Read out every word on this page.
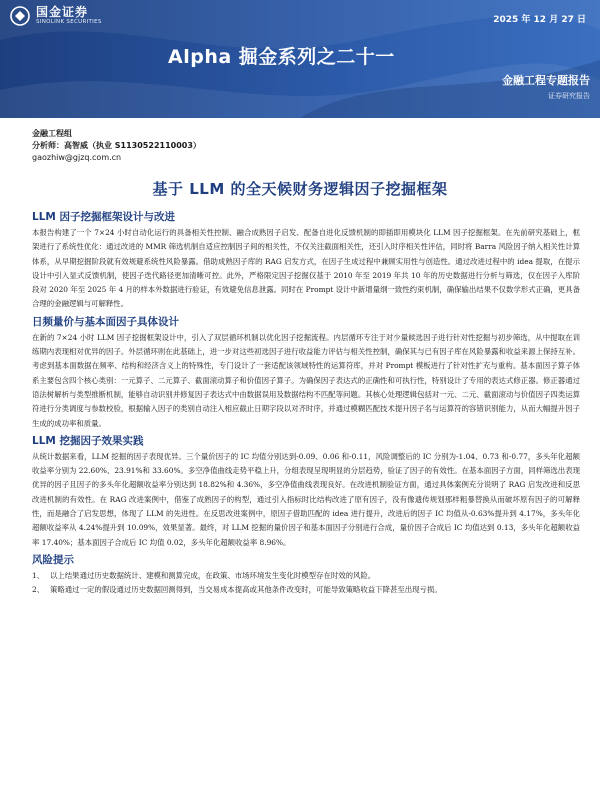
国金证券
SINOLINK SECURITIES	2025 年 12 月 27 日
Alpha 掘金系列之二十一
金融工程专题报告
证券研究报告
金融工程组
分析师：高智威（执业 S1130522110003）
gaozhiw@gjzq.com.cn
基于 LLM 的全天候财务逻辑因子挖掘框架
LLM 因子挖掘框架设计与改进

本报告构建了一个 7×24 小时自动化运行的具备相关性控制、融合成熟因子启发、配备自进化反馈机制的即插即用模块化 LLM 因子挖掘框架。在先前研究基础上，框架进行了系统性优化：通过改进的 MMR 筛选机制自适应控制因子间的相关性，不仅关注截面相关性，还引入时序相关性评估，同时将 Barra 风险因子纳入相关性计算体系，从早期挖掘阶段就有效规避系统性风险暴露。借助成熟因子库的 RAG 启发方式，在因子生成过程中兼顾实用性与创造性。通过改进过程中的 idea 提取，在提示设计中引入显式反馈机制，使因子迭代路径更加清晰可控。此外，严格限定因子挖掘仅基于 2010 年至 2019 年共 10 年的历史数据进行分析与筛选，仅在因子入库阶段对 2020 年至 2025 年 4 月的样本外数据进行验证，有效避免信息泄露。同时在 Prompt 设计中新增量纲一致性约束机制，确保输出结果不仅数学形式正确，更具备合理的金融逻辑与可解释性。

日频量价与基本面因子具体设计

在新的 7×24 小时 LLM 因子挖掘框架设计中，引入了双层循环机制以优化因子挖掘流程。内层循环专注于对少量候选因子进行针对性挖掘与初步筛选，从中提取在训练期内表现相对优异的因子。外层循环则在此基础上，进一步对这些初选因子进行收益能力评估与相关性控制，确保其与已有因子库在风险暴露和收益来源上保持互补。考虑到基本面数据在频率、结构和经济含义上的特殊性，专门设计了一套适配该领域特性的运算符库，并对 Prompt 模板进行了针对性扩充与重构。基本面因子算子体系主要包含四个核心类别：一元算子、二元算子、截面滚动算子和价值因子算子。为确保因子表达式的正确性和可执行性，特别设计了专用的表达式修正器。修正器通过语法树解析与类型推断机制，能够自动识别并修复因子表达式中由数据误用及数据结构不匹配等问题。其核心处理逻辑包括对一元、二元、截面滚动与价值因子四类运算符进行分类调度与参数校验，根据输入因子的类别自动注入相应截止日期字段以对齐时序，并通过模糊匹配技术提升因子名与运算符的容错识别能力，从而大幅提升因子生成的成功率和质量。

LLM 挖掘因子效果实践

从统计数据来看，LLM 挖掘的因子表现优异。三个量价因子的 IC 均值分别达到-0.09、0.06 和-0.11，风险调整后的 IC 分别为-1.04、0.73 和-0.77，多头年化超额收益率分别为 22.60%、23.91%和 33.60%。多空净值曲线走势平稳上升，分组表现呈现明显的分层趋势，验证了因子的有效性。在基本面因子方面，同样筛选出表现优异的因子且因子的多头年化超额收益率分别达到 18.82%和 4.36%，多空净值曲线表现良好。在改进机制验证方面，通过具体案例充分说明了 RAG 启发改进和反思改进机制的有效性。在 RAG 改进案例中，借鉴了成熟因子的构型，通过引入指标时比结构改进了原有因子，没有像遗传规划那样粗暴替换从而破坏原有因子的可解释性，而是融合了启发思想，体现了 LLM 的先进性。在反思改进案例中，原因子借助匹配的 idea 进行提升，改进后的因子 IC 均值从-0.63%提升到 4.17%，多头年化超额收益率从 4.24%提升到 10.09%，效果显著。最终，对 LLM 挖掘的量价因子和基本面因子分别进行合成，量价因子合成后 IC 均值达到 0.13，多头年化超额收益率 17.40%；基本面因子合成后 IC 均值 0.02，多头年化超额收益率 8.96%。

风险提示
1、 以上结果通过历史数据统计、建模和测算完成，在政策、市场环境发生变化时模型存在时效的风险。
2、 策略通过一定的假设通过历史数据回测得到，当交易成本提高或其他条件改变时，可能导致策略收益下降甚至出现亏损。
